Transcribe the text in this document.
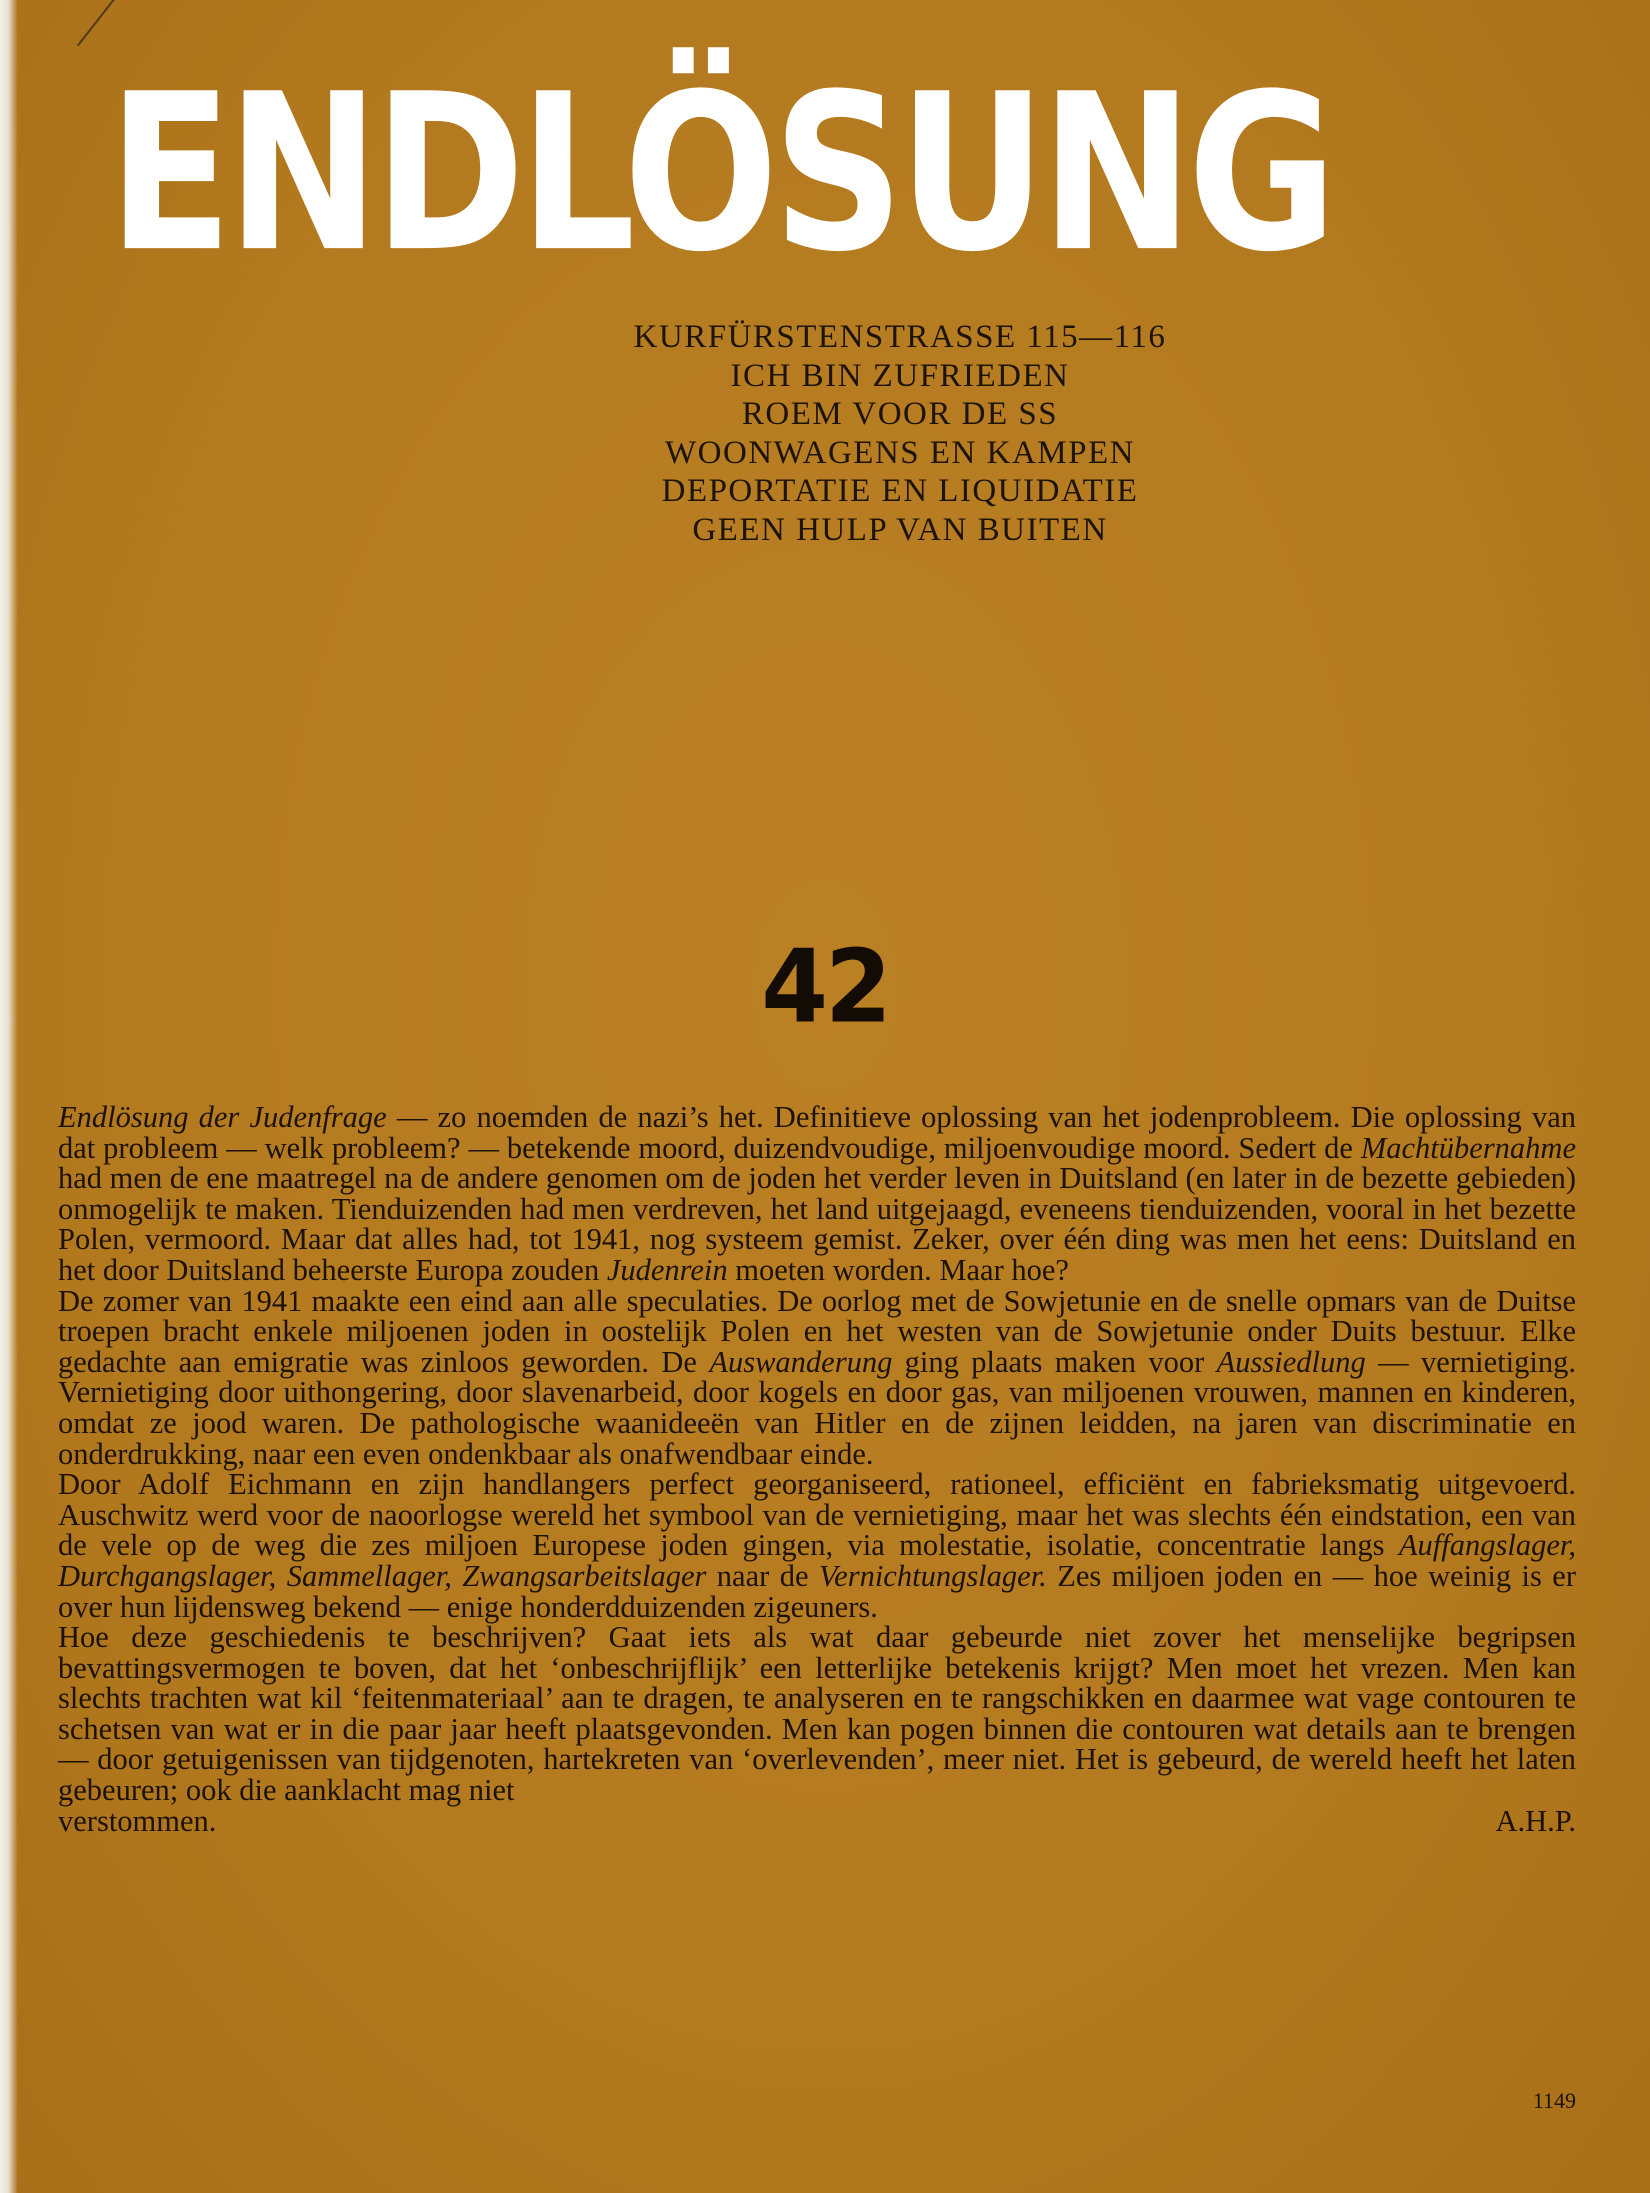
ENDLÖSUNG
KURFÜRSTENSTRASSE 115—116
ICH BIN ZUFRIEDEN
ROEM VOOR DE SS
WOONWAGENS EN KAMPEN
DEPORTATIE EN LIQUIDATIE
GEEN HULP VAN BUITEN
42

Endlösung der Judenfrage — zo noemden de nazi’s het. Definitieve oplossing van het jodenprobleem. Die oplossing van dat probleem — welk probleem? — betekende moord, duizendvoudige, miljoenvoudige moord. Sedert de Machtübernahme had men de ene maatregel na de andere genomen om de joden het verder leven in Duitsland (en later in de bezette gebieden) onmogelijk te maken. Tienduizenden had men verdreven, het land uitgejaagd, eveneens tienduizenden, vooral in het bezette Polen, vermoord. Maar dat alles had, tot 1941, nog systeem gemist. Zeker, over één ding was men het eens: Duitsland en het door Duitsland beheerste Europa zouden Judenrein moeten worden. Maar hoe?

De zomer van 1941 maakte een eind aan alle speculaties. De oorlog met de Sowjetunie en de snelle opmars van de Duitse troepen bracht enkele miljoenen joden in oostelijk Polen en het westen van de Sowjetunie onder Duits bestuur. Elke gedachte aan emigratie was zinloos geworden. De Auswanderung ging plaats maken voor Aussiedlung — vernietiging. Vernietiging door uithongering, door slavenarbeid, door kogels en door gas, van miljoenen vrouwen, mannen en kinderen, omdat ze jood waren. De pathologische waanideeën van Hitler en de zijnen leidden, na jaren van discriminatie en onderdrukking, naar een even ondenkbaar als onafwendbaar einde.

Door Adolf Eichmann en zijn handlangers perfect georganiseerd, rationeel, efficiënt en fabrieksmatig uitgevoerd. Auschwitz werd voor de naoorlogse wereld het symbool van de vernietiging, maar het was slechts één eindstation, een van de vele op de weg die zes miljoen Europese joden gingen, via molestatie, isolatie, concentratie langs Auffangslager, Durchgangslager, Sammellager, Zwangsarbeitslager naar de Vernichtungslager. Zes miljoen joden en — hoe weinig is er over hun lijdensweg bekend — enige honderdduizenden zigeuners.

Hoe deze geschiedenis te beschrijven? Gaat iets als wat daar gebeurde niet zover het menselijke begripsen bevattingsvermogen te boven, dat het ‘onbeschrijflijk’ een letterlijke betekenis krijgt? Men moet het vrezen. Men kan slechts trachten wat kil ‘feitenmateriaal’ aan te dragen, te analyseren en te rangschikken en daarmee wat vage contouren te schetsen van wat er in die paar jaar heeft plaatsgevonden. Men kan pogen binnen die contouren wat details aan te brengen — door getuigenissen van tijdgenoten, hartekreten van ‘overlevenden’, meer niet. Het is gebeurd, de wereld heeft het laten gebeuren; ook die aanklacht mag niet

verstommen.	A.H.P.
1149
